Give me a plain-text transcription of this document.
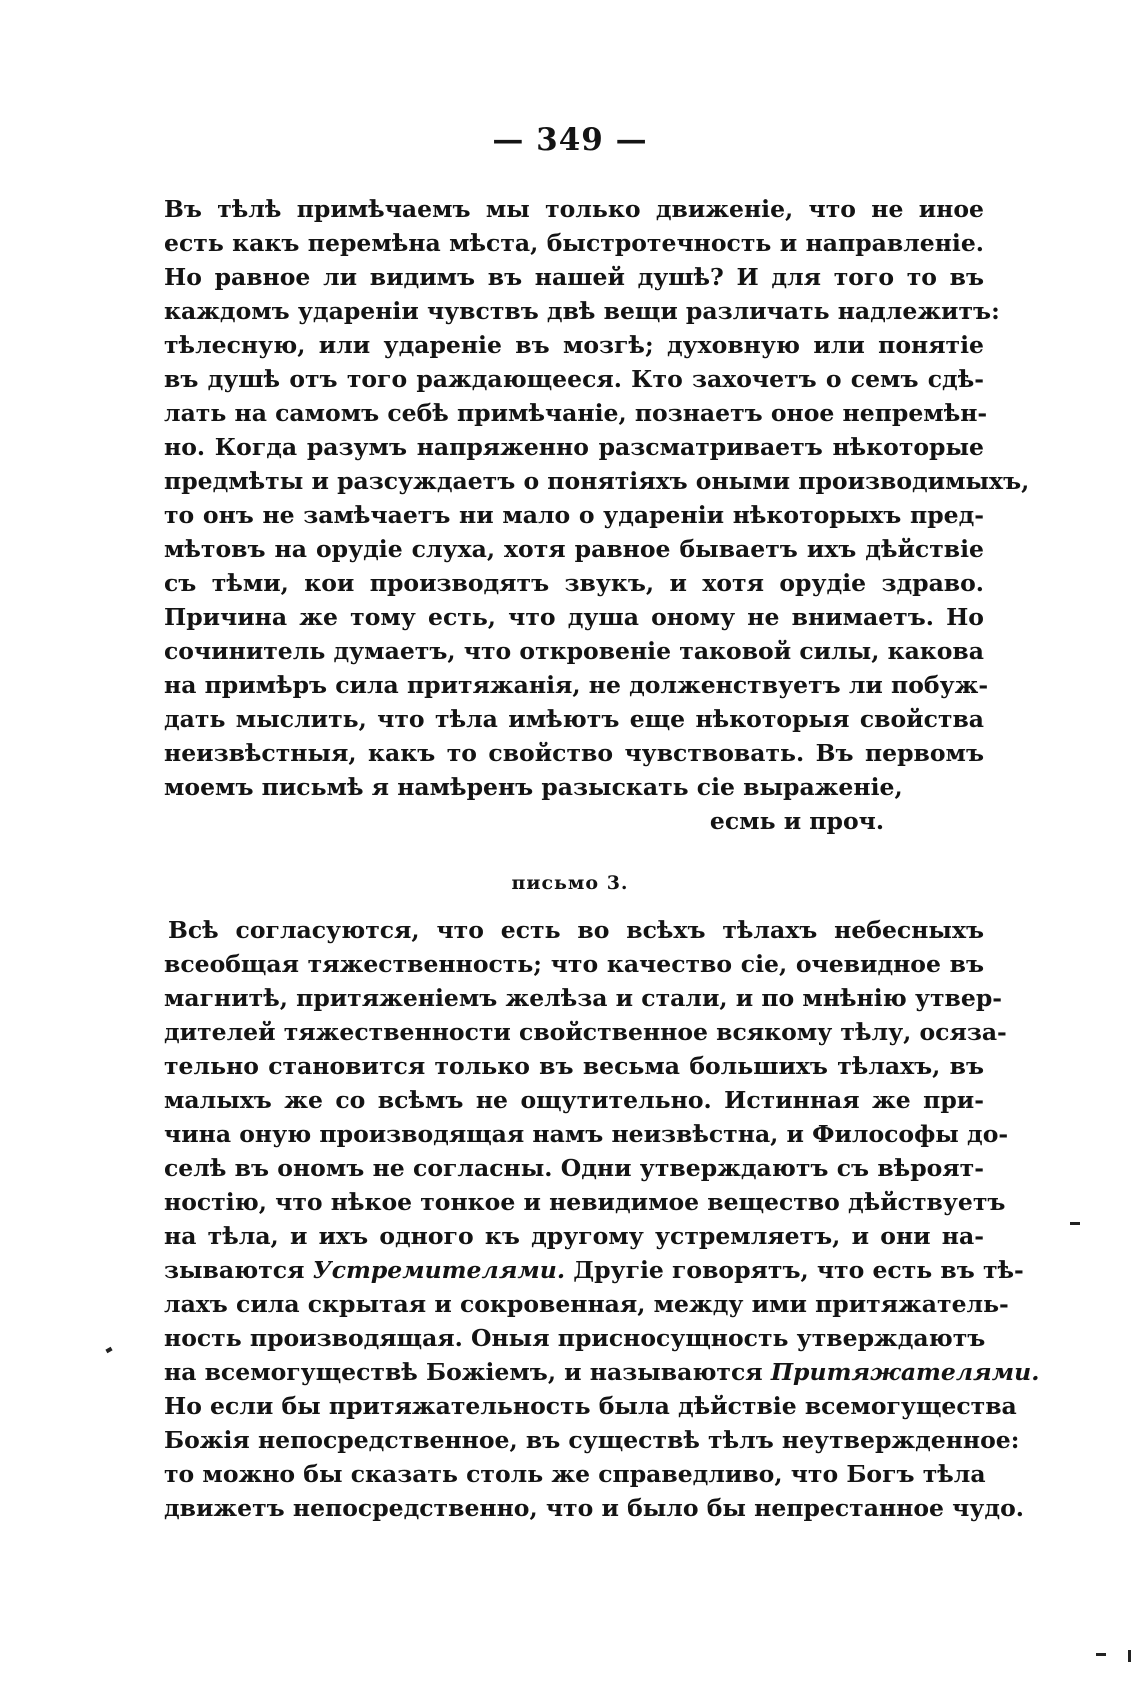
— 349 —
Въ тѣлѣ примѣчаемъ мы только движеніе, что не иное
есть какъ перемѣна мѣста, быстротечность и направленіе.
Но равное ли видимъ въ нашей душѣ? И для того то въ
каждомъ удареніи чувствъ двѣ вещи различать надлежитъ:
тѣлесную, или удареніе въ мозгѣ; духовную или понятіе
въ душѣ отъ того раждающееся. Кто захочетъ о семъ сдѣ-
лать на самомъ себѣ примѣчаніе, познаетъ оное непремѣн-
но. Когда разумъ напряженно разсматриваетъ нѣкоторые
предмѣты и разсуждаетъ о понятіяхъ оными производимыхъ,
то онъ не замѣчаетъ ни мало о удареніи нѣкоторыхъ пред-
мѣтовъ на орудіе слуха, хотя равное бываетъ ихъ дѣйствіе
съ тѣми, кои производятъ звукъ, и хотя орудіе здраво.
Причина же тому есть, что душа оному не внимаетъ. Но
сочинитель думаетъ, что откровеніе таковой силы, какова
на примѣръ сила притяжанія, не долженствуетъ ли побуж-
дать мыслить, что тѣла имѣютъ еще нѣкоторыя свойства
неизвѣстныя, какъ то свойство чувствовать. Въ первомъ
моемъ письмѣ я намѣренъ разыскать сіе выраженіе,
есмь и проч.
письмо 3.
Всѣ согласуются, что есть во всѣхъ тѣлахъ небесныхъ
всеобщая тяжественность; что качество сіе, очевидное въ
магнитѣ, притяженіемъ желѣза и стали, и по мнѣнію утвер-
дителей тяжественности свойственное всякому тѣлу, осяза-
тельно становится только въ весьма большихъ тѣлахъ, въ
малыхъ же со всѣмъ не ощутительно. Истинная же при-
чина оную производящая намъ неизвѣстна, и Философы до-
селѣ въ ономъ не согласны. Одни утверждаютъ съ вѣроят-
ностію, что нѣкое тонкое и невидимое вещество дѣйствуетъ
на тѣла, и ихъ одного къ другому устремляетъ, и они на-
зываются Устремителями. Другіе говорятъ, что есть въ тѣ-
лахъ сила скрытая и сокровенная, между ими притяжатель-
ность производящая. Оныя присносущность утверждаютъ
на всемогуществѣ Божіемъ, и называются Притяжателями.
Но если бы притяжательность была дѣйствіе всемогущества
Божія непосредственное, въ существѣ тѣлъ неутвержденное:
то можно бы сказать столь же справедливо, что Богъ тѣла
движетъ непосредственно, что и было бы непрестанное чудо.
